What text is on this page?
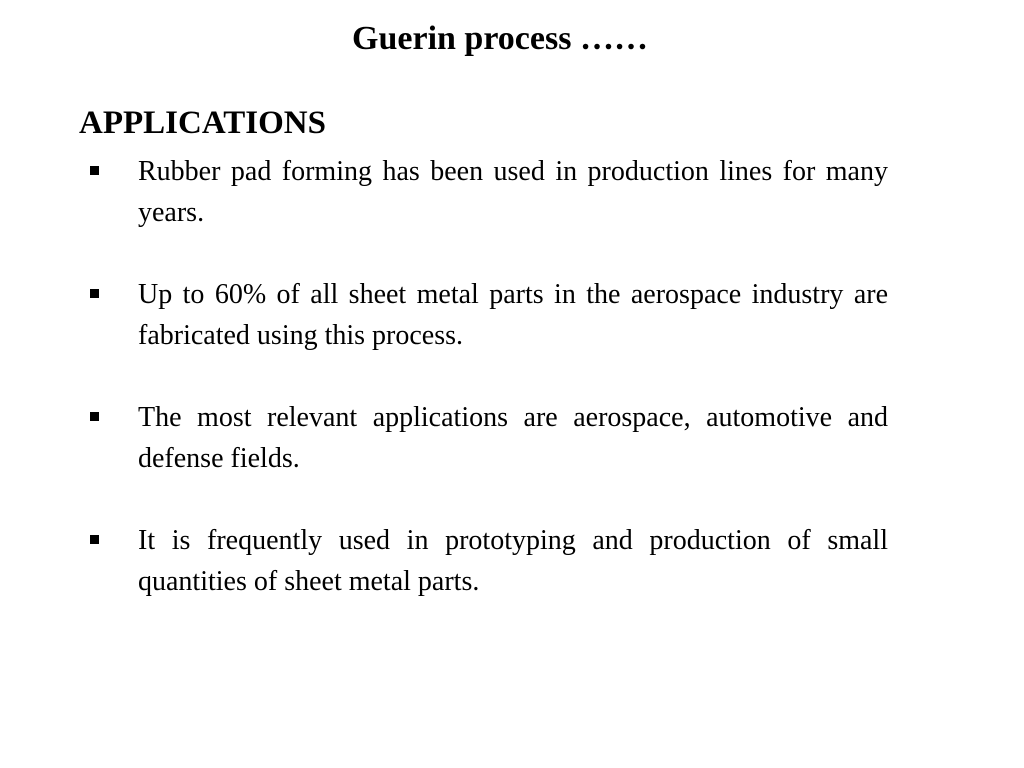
Guerin process ……
APPLICATIONS
Rubber pad forming has been used in production lines for many years.
Up to 60% of all sheet metal parts in the aerospace industry are fabricated using this process.
The most relevant applications are aerospace, automotive and defense fields.
It is frequently used in prototyping and production of small quantities of sheet metal parts.
